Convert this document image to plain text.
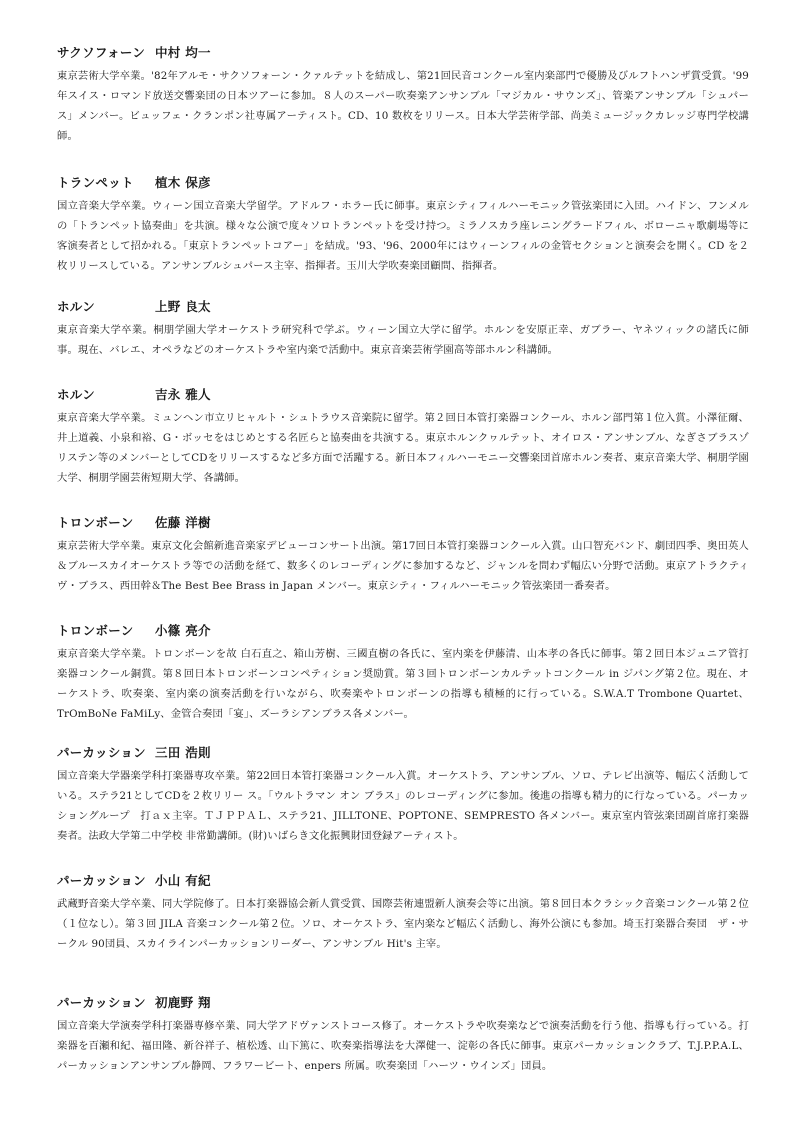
サクソフォーン 中村 均一
東京芸術大学卒業。'82年アルモ・サクソフォーン・クァルテットを結成し、第21回民音コンクール室内楽部門で優勝及びルフトハンザ賞受賞。'99年スイス・ロマンド放送交響楽団の日本ツアーに参加。８人のスーパー吹奏楽アンサンブル「マジカル・サウンズ」、管楽アンサンブル「シュパース」メンバー。ビュッフェ・クランポン社専属アーティスト。CD、10 数枚をリリース。日本大学芸術学部、尚美ミュージックカレッジ専門学校講師。
トランペット 植木 保彦
国立音楽大学卒業。ウィーン国立音楽大学留学。アドルフ・ホラー氏に師事。東京シティフィルハーモニック管弦楽団に入団。ハイドン、フンメルの「トランペット協奏曲」を共演。様々な公演で度々ソロトランペットを受け持つ。ミラノスカラ座レニングラードフィル、ボローニャ歌劇場等に客演奏者として招かれる。「東京トランペットコアー」を結成。'93、'96、2000年にはウィーンフィルの金管セクションと演奏会を開く。CD を２枚リリースしている。アンサンブルシュパース主宰、指揮者。玉川大学吹奏楽団顧問、指揮者。
ホルン	上野 良太
東京音楽大学卒業。桐朋学園大学オーケストラ研究科で学ぶ。ウィーン国立大学に留学。ホルンを安原正幸、ガブラー、ヤネツィックの諸氏に師事。現在、バレエ、オペラなどのオーケストラや室内楽で活動中。東京音楽芸術学園高等部ホルン科講師。
ホルン	吉永 雅人
東京音楽大学卒業。ミュンヘン市立リヒャルト・シュトラウス音楽院に留学。第２回日本管打楽器コンクール、ホルン部門第１位入賞。小澤征爾、井上道義、小泉和裕、G・ボッセをはじめとする名匠らと協奏曲を共演する。東京ホルンクヮルテット、オイロス・アンサンブル、なぎさブラスゾリステン等のメンバーとしてCDをリリースするなど多方面で活躍する。新日本フィルハーモニー交響楽団首席ホルン奏者、東京音楽大学、桐朋学園大学、桐朋学園芸術短期大学、各講師。
トロンボーン 佐藤 洋樹
東京芸術大学卒業。東京文化会館新進音楽家デビューコンサート出演。第17回日本管打楽器コンクール入賞。山口智充バンド、劇団四季、奥田英人＆ブルースカイオーケストラ等での活動を経て、数多くのレコーディングに参加するなど、ジャンルを問わず幅広い分野で活動。東京アトラクティヴ・ブラス、西田幹＆The Best Bee Brass in Japan メンバー。東京シティ・フィルハーモニック管弦楽団一番奏者。
トロンボーン 小篠 亮介
東京音楽大学卒業。トロンボーンを故 白石直之、箱山芳樹、三國直樹の各氏に、室内楽を伊藤清、山本孝の各氏に師事。第２回日本ジュニア管打楽器コンクール銅賞。第８回日本トロンボーンコンペティション奨励賞。第３回トロンボーンカルテットコンクール in ジパング第２位。現在、オーケストラ、吹奏楽、室内楽の演奏活動を行いながら、吹奏楽やトロンボーンの指導も積極的に行っている。S.W.A.T Trombone Quartet、TrOmBoNe FaMiLy、金管合奏団「宴」、ズーラシアンブラス各メンバー。
パーカッション 三田 浩則
国立音楽大学器楽学科打楽器専攻卒業。第22回日本管打楽器コンクール入賞。オーケストラ、アンサンブル、ソロ、テレビ出演等、幅広く活動している。ステラ21としてCDを２枚リリー ス。「ウルトラマン オン ブラス」のレコーディングに参加。後進の指導も精力的に行なっている。パーカッショングループ　打ａｘ主宰。ＴＪＰＰＡＬ、ステラ21、JILLTONE、POPTONE、SEMPRESTO 各メンバー。東京室内管弦楽団副首席打楽器奏者。法政大学第二中学校 非常勤講師。(財)いばらき文化振興財団登録アーティスト。
パーカッション 小山 有紀
武蔵野音楽大学卒業、同大学院修了。日本打楽器協会新人賞受賞、国際芸術連盟新人演奏会等に出演。第８回日本クラシック音楽コンクール第２位（１位なし）。第３回 JILA 音楽コンクール第２位。ソロ、オーケストラ、室内楽など幅広く活動し、海外公演にも参加。埼玉打楽器合奏団　ザ・サークル 90団員、スカイラインパーカッションリーダー、アンサンブル Hit's 主宰。
パーカッション 初鹿野 翔
国立音楽大学演奏学科打楽器専修卒業、同大学アドヴァンストコース修了。オーケストラや吹奏楽などで演奏活動を行う他、指導も行っている。打楽器を百瀬和紀、福田隆、新谷祥子、植松透、山下篤に、吹奏楽指導法を大澤健一、淀彰の各氏に師事。東京パーカッションクラブ、T.J.P.P.A.L、パーカッションアンサンブル静岡、フラワービート、enpers 所属。吹奏楽団「ハーツ・ウインズ」団員。
